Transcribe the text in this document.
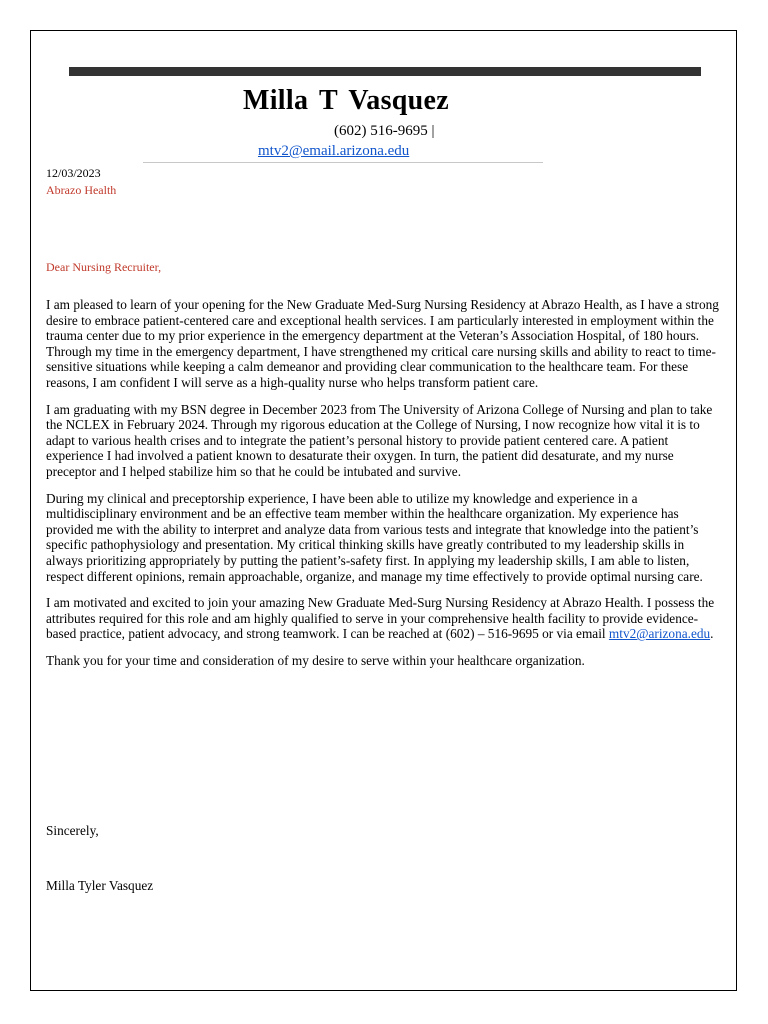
Milla T Vasquez
(602) 516-9695 |
mtv2@email.arizona.edu
12/03/2023
Abrazo Health
Dear Nursing Recruiter,

I am pleased to learn of your opening for the New Graduate Med-Surg Nursing Residency at Abrazo Health, as I have a strong desire to embrace patient-centered care and exceptional health services. I am particularly interested in employment within the trauma center due to my prior experience in the emergency department at the Veteran’s Association Hospital, of 180 hours. Through my time in the emergency department, I have strengthened my critical care nursing skills and ability to react to time-sensitive situations while keeping a calm demeanor and providing clear communication to the healthcare team. For these reasons, I am confident I will serve as a high-quality nurse who helps transform patient care.

I am graduating with my BSN degree in December 2023 from The University of Arizona College of Nursing and plan to take the NCLEX in February 2024. Through my rigorous education at the College of Nursing, I now recognize how vital it is to adapt to various health crises and to integrate the patient’s personal history to provide patient centered care. A patient experience I had involved a patient known to desaturate their oxygen. In turn, the patient did desaturate, and my nurse preceptor and I helped stabilize him so that he could be intubated and survive.

During my clinical and preceptorship experience, I have been able to utilize my knowledge and experience in a multidisciplinary environment and be an effective team member within the healthcare organization. My experience has provided me with the ability to interpret and analyze data from various tests and integrate that knowledge into the patient’s specific pathophysiology and presentation. My critical thinking skills have greatly contributed to my leadership skills in always prioritizing appropriately by putting the patient’s-safety first. In applying my leadership skills, I am able to listen, respect different opinions, remain approachable, organize, and manage my time effectively to provide optimal nursing care.

I am motivated and excited to join your amazing New Graduate Med-Surg Nursing Residency at Abrazo Health. I possess the attributes required for this role and am highly qualified to serve in your comprehensive health facility to provide evidence-based practice, patient advocacy, and strong teamwork. I can be reached at (602) – 516-9695 or via email mtv2@arizona.edu.

Thank you for your time and consideration of my desire to serve within your healthcare organization.

Sincerely,
Milla Tyler Vasquez
